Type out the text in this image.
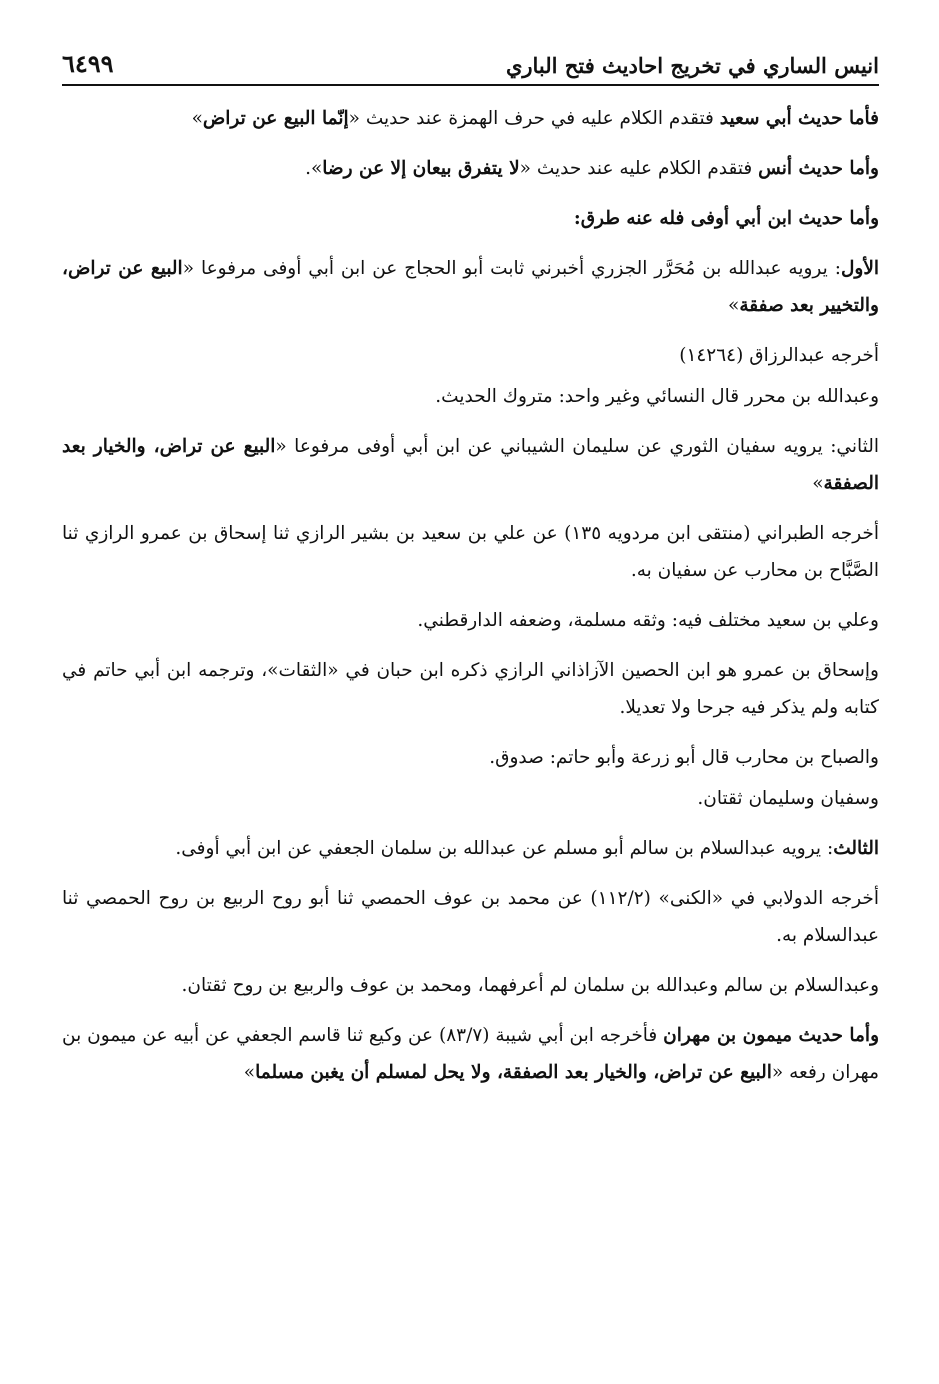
انيس الساري في تخريج احاديث فتح الباري
٦٤٩٩

فأما حديث أبي سعيد فتقدم الكلام عليه في حرف الهمزة عند حديث «إنّما البيع عن تراض»

وأما حديث أنس فتقدم الكلام عليه عند حديث «لا يتفرق بيعان إلا عن رضا».

وأما حديث ابن أبي أوفى فله عنه طرق:

الأول: يرويه عبدالله بن مُحَرَّر الجزري أخبرني ثابت أبو الحجاج عن ابن أبي أوفى مرفوعا «البيع عن تراض، والتخيير بعد صفقة»

أخرجه عبدالرزاق (١٤٢٦٤)

وعبدالله بن محرر قال النسائي وغير واحد: متروك الحديث.

الثاني: يرويه سفيان الثوري عن سليمان الشيباني عن ابن أبي أوفى مرفوعا «البيع عن تراض، والخيار بعد الصفقة»

أخرجه الطبراني (منتقى ابن مردويه ١٣٥) عن علي بن سعيد بن بشير الرازي ثنا إسحاق بن عمرو الرازي ثنا الصَّبَّاح بن محارب عن سفيان به.

وعلي بن سعيد مختلف فيه: وثقه مسلمة، وضعفه الدارقطني.

وإسحاق بن عمرو هو ابن الحصين الآزاذاني الرازي ذكره ابن حبان في «الثقات»، وترجمه ابن أبي حاتم في كتابه ولم يذكر فيه جرحا ولا تعديلا.

والصباح بن محارب قال أبو زرعة وأبو حاتم: صدوق.

وسفيان وسليمان ثقتان.

الثالث: يرويه عبدالسلام بن سالم أبو مسلم عن عبدالله بن سلمان الجعفي عن ابن أبي أوفى.

أخرجه الدولابي في «الكنى» (١١٢/٢) عن محمد بن عوف الحمصي ثنا أبو روح الربيع بن روح الحمصي ثنا عبدالسلام به.

وعبدالسلام بن سالم وعبدالله بن سلمان لم أعرفهما، ومحمد بن عوف والربيع بن روح ثقتان.

وأما حديث ميمون بن مهران فأخرجه ابن أبي شيبة (٨٣/٧) عن وكيع ثنا قاسم الجعفي عن أبيه عن ميمون بن مهران رفعه «البيع عن تراض، والخيار بعد الصفقة، ولا يحل لمسلم أن يغبن مسلما»
